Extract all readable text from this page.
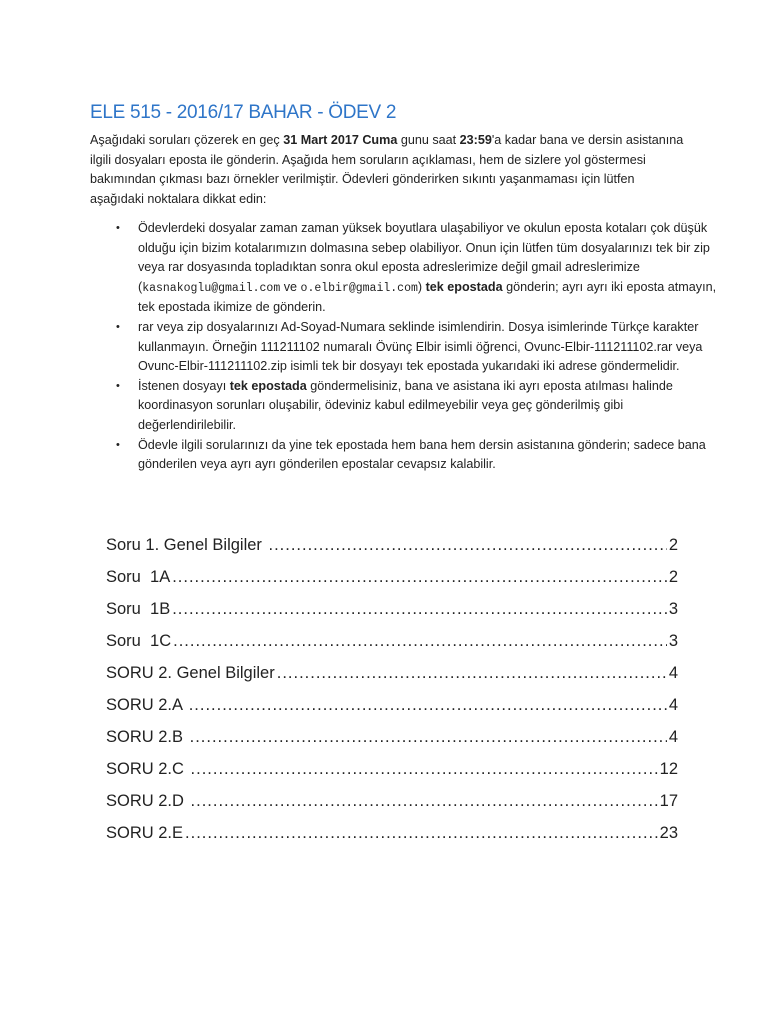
ELE 515 - 2016/17 BAHAR - ÖDEV 2

Aşağıdaki soruları çözerek en geç 31 Mart 2017 Cuma gunu saat 23:59'a kadar bana ve dersin asistanına ilgili dosyaları eposta ile gönderin. Aşağıda hem soruların açıklaması, hem de sizlere yol göstermesi bakımından çıkması bazı örnekler verilmiştir. Ödevleri gönderirken sıkıntı yaşanmaması için lütfen aşağıdaki noktalara dikkat edin:

• Ödevlerdeki dosyalar zaman zaman yüksek boyutlara ulaşabiliyor ve okulun eposta kotaları çok düşük olduğu için bizim kotalarımızın dolmasına sebep olabiliyor. Onun için lütfen tüm dosyalarınızı tek bir zip veya rar dosyasında topladıktan sonra okul eposta adreslerimize değil gmail adreslerimize (kasnakoglu@gmail.com ve o.elbir@gmail.com) tek epostada gönderin; ayrı ayrı iki eposta atmayın, tek epostada ikimize de gönderin.
• rar veya zip dosyalarınızı Ad-Soyad-Numara seklinde isimlendirin. Dosya isimlerinde Türkçe karakter kullanmayın. Örneğin 111211102 numaralı Övünç Elbir isimli öğrenci, Ovunc-Elbir-111211102.rar veya Ovunc-Elbir-111211102.zip isimli tek bir dosyayı tek epostada yukarıdaki iki adrese göndermelidir.
• İstenen dosyayı tek epostada göndermelisiniz, bana ve asistana iki ayrı eposta atılması halinde koordinasyon sorunları oluşabilir, ödeviniz kabul edilmeyebilir veya geç gönderilmiş gibi değerlendirilebilir.
• Ödevle ilgili sorularınızı da yine tek epostada hem bana hem dersin asistanına gönderin; sadece bana gönderilen veya ayrı ayrı gönderilen epostalar cevapsız kalabilir.
Soru 1. Genel Bilgiler .....	2
Soru  1A .....	2
Soru  1B .....	3
Soru  1C .....	3
SORU 2. Genel Bilgiler .....	4
SORU 2.A .....	4
SORU 2.B .....	4
SORU 2.C .....	12
SORU 2.D .....	17
SORU 2.E .....	23
